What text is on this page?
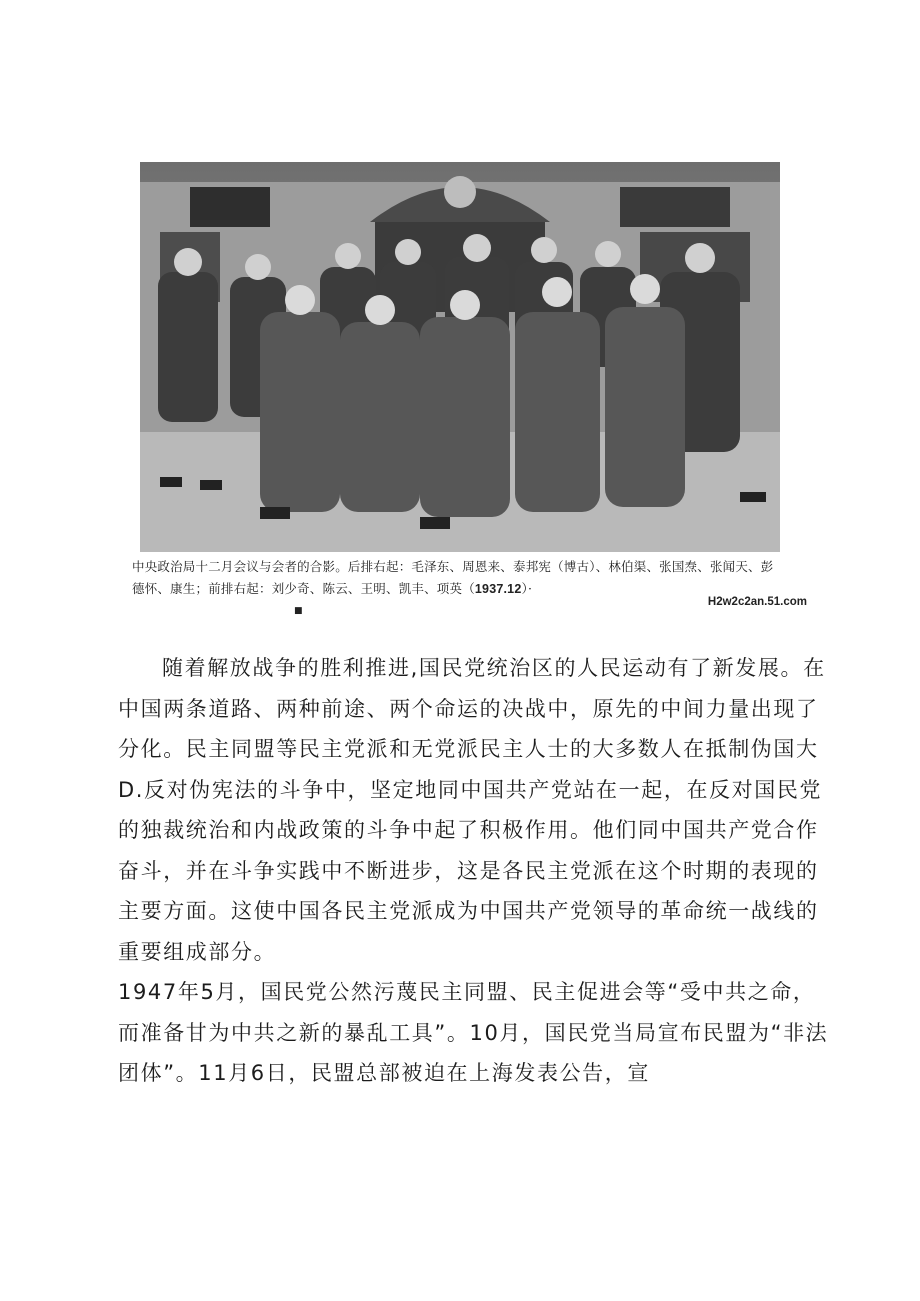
中央政治局十二月会议与会者的合影。后排右起：毛泽东、周恩来、泰邦宪（博古）、林伯渠、张国焘、张闻天、彭
德怀、康生；前排右起：刘少奇、陈云、王明、凯丰、项英（1937.12）·
■
H2w2c2an.51.com

随着解放战争的胜利推进,国民党统治区的人民运动有了新发展。在中国两条道路、两种前途、两个命运的决战中，原先的中间力量出现了分化。民主同盟等民主党派和无党派民主人士的大多数人在抵制伪国大D.反对伪宪法的斗争中，坚定地同中国共产党站在一起，在反对国民党的独裁统治和内战政策的斗争中起了积极作用。他们同中国共产党合作奋斗，并在斗争实践中不断进步，这是各民主党派在这个时期的表现的主要方面。这使中国各民主党派成为中国共产党领导的革命统一战线的重要组成部分。

1947年5月，国民党公然污蔑民主同盟、民主促进会等“受中共之命，而准备甘为中共之新的暴乱工具”。10月，国民党当局宣布民盟为“非法团体”。11月6日，民盟总部被迫在上海发表公告，宣
